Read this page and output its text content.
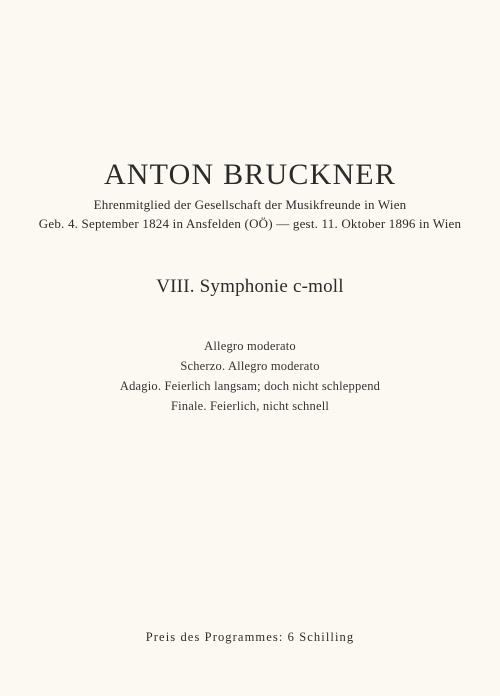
ANTON BRUCKNER
Ehrenmitglied der Gesellschaft der Musikfreunde in Wien
Geb. 4. September 1824 in Ansfelden (OÖ) — gest. 11. Oktober 1896 in Wien
VIII. Symphonie c-moll
Allegro moderato
Scherzo. Allegro moderato
Adagio. Feierlich langsam; doch nicht schleppend
Finale. Feierlich, nicht schnell
Preis des Programmes: 6 Schilling
